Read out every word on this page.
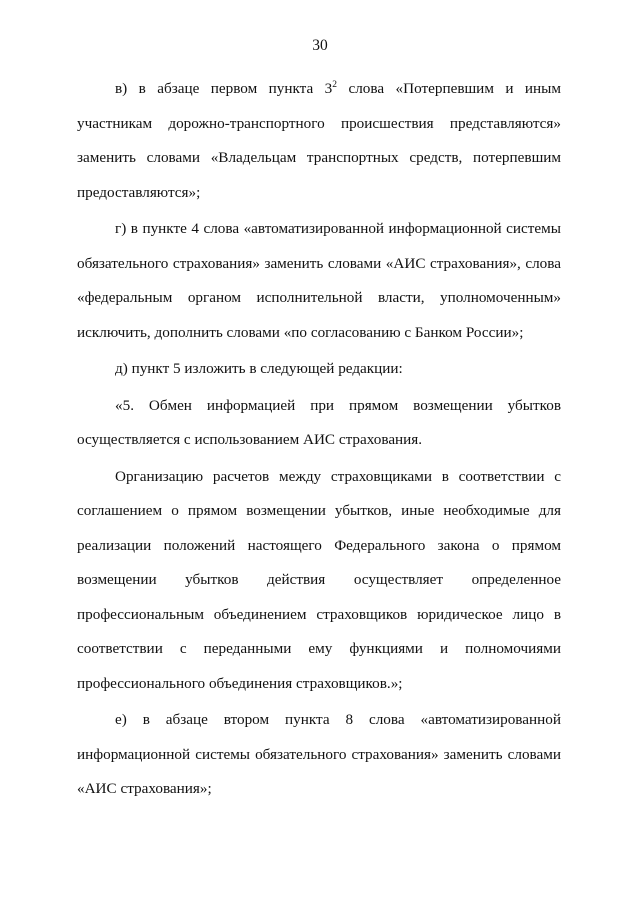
30

в) в абзаце первом пункта $3^2$ слова «Потерпевшим и иным участникам дорожно-транспортного происшествия представляются» заменить словами «Владельцам транспортных средств, потерпевшим предоставляются»;

г) в пункте 4 слова «автоматизированной информационной системы обязательного страхования» заменить словами «АИС страхования», слова «федеральным органом исполнительной власти, уполномоченным» исключить, дополнить словами «по согласованию с Банком России»;

д) пункт 5 изложить в следующей редакции:

«5. Обмен информацией при прямом возмещении убытков осуществляется с использованием АИС страхования.

Организацию расчетов между страховщиками в соответствии с соглашением о прямом возмещении убытков, иные необходимые для реализации положений настоящего Федерального закона о прямом возмещении убытков действия осуществляет определенное профессиональным объединением страховщиков юридическое лицо в соответствии с переданными ему функциями и полномочиями профессионального объединения страховщиков.»;

е) в абзаце втором пункта 8 слова «автоматизированной информационной системы обязательного страхования» заменить словами «АИС страхования»;
